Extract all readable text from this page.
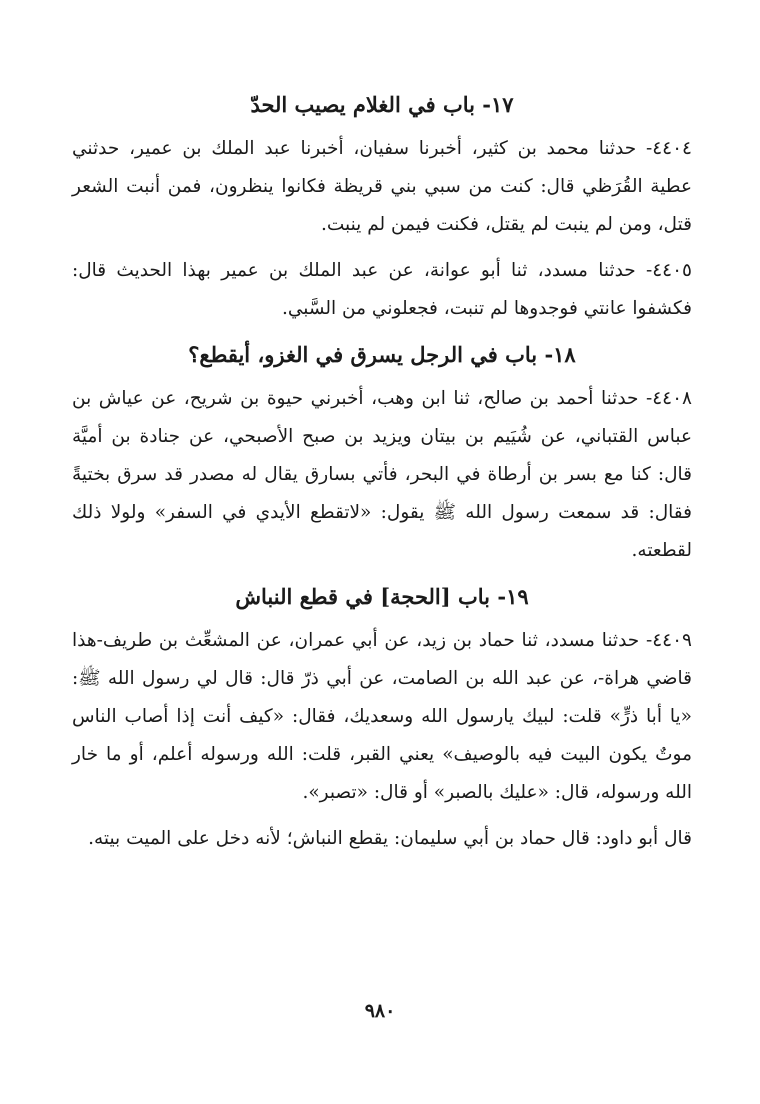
١٧- باب في الغلام يصيب الحدّ

٤٤٠٤- حدثنا محمد بن كثير، أخبرنا سفيان، أخبرنا عبد الملك بن عمير، حدثني عطية القُرَظي قال: كنت من سبي بني قريظة فكانوا ينظرون، فمن أنبت الشعر قتل، ومن لم ينبت لم يقتل، فكنت فيمن لم ينبت.

٤٤٠٥- حدثنا مسدد، ثنا أبو عوانة، عن عبد الملك بن عمير بهذا الحديث قال: فكشفوا عانتي فوجدوها لم تنبت، فجعلوني من السَّبي.

١٨- باب في الرجل يسرق في الغزو، أيقطع؟

٤٤٠٨- حدثنا أحمد بن صالح، ثنا ابن وهب، أخبرني حيوة بن شريح، عن عياش بن عباس القتباني، عن شُيَيم بن بيتان ويزيد بن صبح الأصبحي، عن جنادة بن أميَّة قال: كنا مع بسر بن أرطاة في البحر، فأتي بسارق يقال له مصدر قد سرق بختيةً فقال: قد سمعت رسول الله ﷺ يقول: «لاتقطع الأيدي في السفر» ولولا ذلك لقطعته.

١٩- باب [الحجة] في قطع النباش

٤٤٠٩- حدثنا مسدد، ثنا حماد بن زيد، عن أبي عمران، عن المشعِّث بن طريف-هذا قاضي هراة-، عن عبد الله بن الصامت، عن أبي ذرّ قال: قال لي رسول الله ﷺ: «يا أبا ذرٍّ» قلت: لبيك يارسول الله وسعديك، فقال: «كيف أنت إذا أصاب الناس موتٌ يكون البيت فيه بالوصيف» يعني القبر، قلت: الله ورسوله أعلم، أو ما خار الله ورسوله، قال: «عليك بالصبر» أو قال: «تصبر».

قال أبو داود: قال حماد بن أبي سليمان: يقطع النباش؛ لأنه دخل على الميت بيته.

٩٨٠
